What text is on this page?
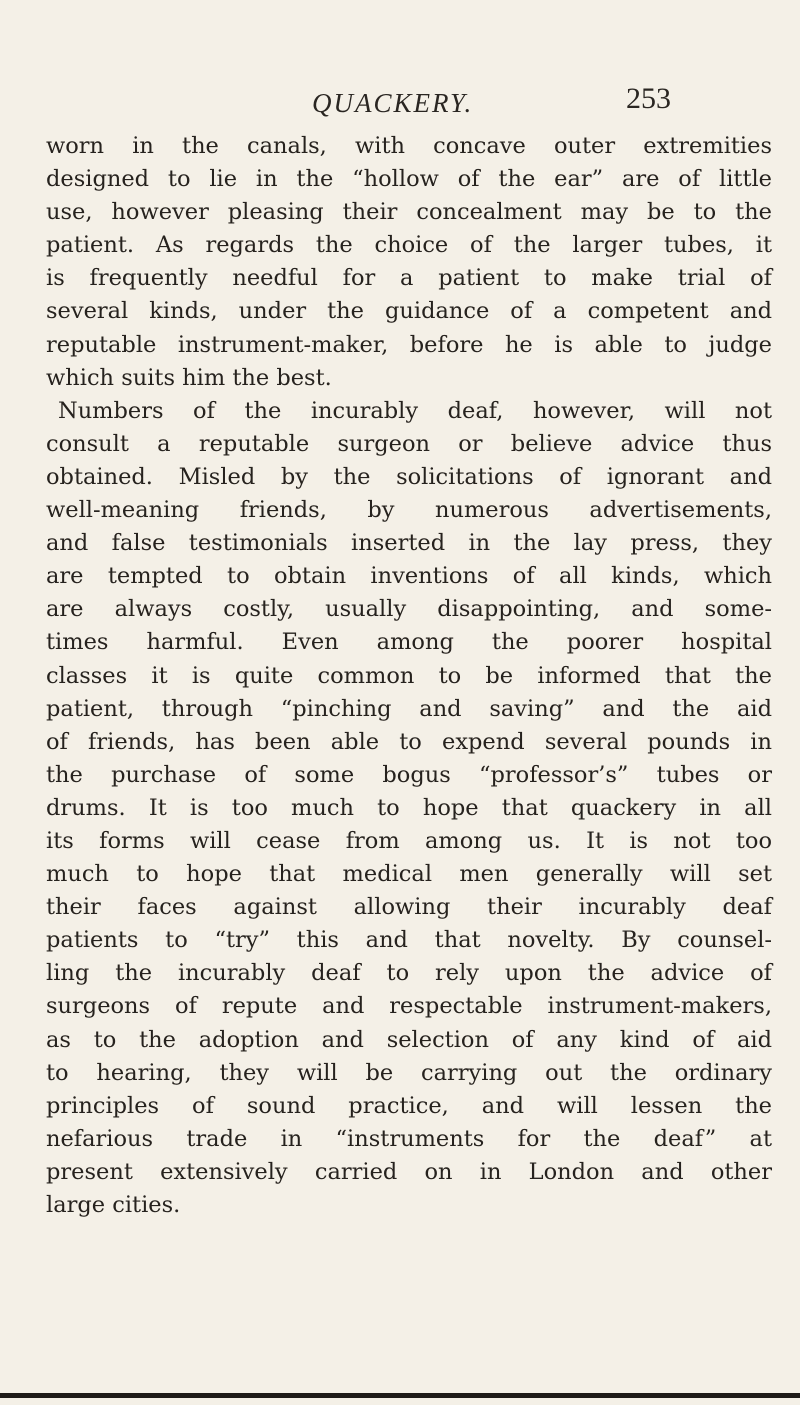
QUACKERY.	253
worn in the canals, with concave outer extremities
designed to lie in the “hollow of the ear” are of little
use, however pleasing their concealment may be to the
patient. As regards the choice of the larger tubes, it
is frequently needful for a patient to make trial of
several kinds, under the guidance of a competent and
reputable instrument-maker, before he is able to judge
which suits him the best.
Numbers of the incurably deaf, however, will not
consult a reputable surgeon or believe advice thus
obtained. Misled by the solicitations of ignorant and
well-meaning friends, by numerous advertisements,
and false testimonials inserted in the lay press, they
are tempted to obtain inventions of all kinds, which
are always costly, usually disappointing, and some-
times harmful. Even among the poorer hospital
classes it is quite common to be informed that the
patient, through “pinching and saving” and the aid
of friends, has been able to expend several pounds in
the purchase of some bogus “professor’s” tubes or
drums. It is too much to hope that quackery in all
its forms will cease from among us. It is not too
much to hope that medical men generally will set
their faces against allowing their incurably deaf
patients to “try” this and that novelty. By counsel-
ling the incurably deaf to rely upon the advice of
surgeons of repute and respectable instrument-makers,
as to the adoption and selection of any kind of aid
to hearing, they will be carrying out the ordinary
principles of sound practice, and will lessen the
nefarious trade in “instruments for the deaf” at
present extensively carried on in London and other
large cities.
